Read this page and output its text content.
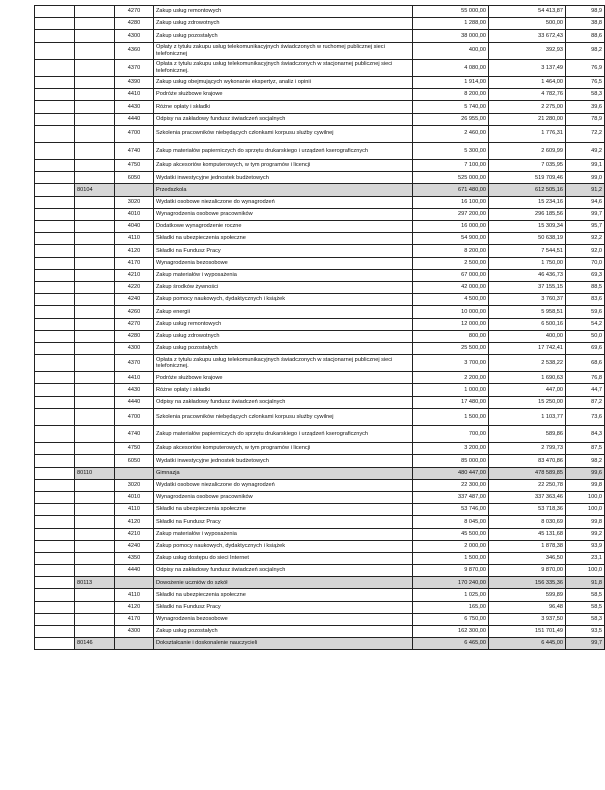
		4270	Zakup usług remontowych	55 000,00	54 413,87	98,9
		4280	Zakup usług zdrowotnych	1 288,00	500,00	38,8
		4300	Zakup usług pozostałych	38 000,00	33 672,43	88,6
		4360	Opłaty z tytułu zakupu usług telekomunikacyjnych świadczonych w ruchomej publicznej sieci telefonicznej	400,00	392,93	98,2
		4370	Opłata z tytułu zakupu usług telekomunikacyjnych świadczonych w stacjonarnej publicznej sieci telefonicznej.	4 080,00	3 137,49	76,9
		4390	Zakup usług obejmujących wykonanie ekspertyz, analiz i opinii	1 914,00	1 464,00	76,5
		4410	Podróże służbowe krajowe	8 200,00	4 782,76	58,3
		4430	Różne opłaty i składki	5 740,00	2 275,00	39,6
		4440	Odpisy na zakładowy fundusz świadczeń socjalnych	26 955,00	21 280,00	78,9
		4700	Szkolenia pracowników niebędących członkami korpusu służby cywilnej	2 460,00	1 776,31	72,2
		4740	Zakup materiałów papierniczych do sprzętu drukarskiego i urządzeń kserograficznych	5 300,00	2 609,99	49,2
		4750	Zakup akcesoriów komputerowych, w tym programów i licencji	7 100,00	7 035,95	99,1
		6050	Wydatki inwestycyjne jednostek budżetowych	525 000,00	519 709,46	99,0
	80104		Przedszkola	671 480,00	612 505,16	91,2
		3020	Wydatki osobowe niezaliczone do wynagrodzeń	16 100,00	15 234,16	94,6
		4010	Wynagrodzenia osobowe pracowników	297 200,00	296 185,56	99,7
		4040	Dodatkowe wynagrodzenie roczne	16 000,00	15 309,34	95,7
		4110	Składki na ubezpieczenia społeczne	54 900,00	50 638,19	92,2
		4120	Składki na Fundusz Pracy	8 200,00	7 544,51	92,0
		4170	Wynagrodzenia bezosobowe	2 500,00	1 750,00	70,0
		4210	Zakup materiałów i wyposażenia	67 000,00	46 436,73	69,3
		4220	Zakup środków żywności	42 000,00	37 155,15	88,5
		4240	Zakup pomocy naukowych, dydaktycznych i książek	4 500,00	3 760,37	83,6
		4260	Zakup energii	10 000,00	5 958,51	59,6
		4270	Zakup usług remontowych	12 000,00	6 500,16	54,2
		4280	Zakup usług zdrowotnych	800,00	400,00	50,0
		4300	Zakup usług pozostałych	25 500,00	17 742,41	69,6
		4370	Opłata z tytułu zakupu usług telekomunikacyjnych świadczonych w stacjonarnej publicznej sieci telefonicznej.	3 700,00	2 538,22	68,6
		4410	Podróże służbowe krajowe	2 200,00	1 690,63	76,8
		4430	Różne opłaty i składki	1 000,00	447,00	44,7
		4440	Odpisy na zakładowy fundusz świadczeń socjalnych	17 480,00	15 250,00	87,2
		4700	Szkolenia pracowników niebędących członkami korpusu służby cywilnej	1 500,00	1 103,77	73,6
		4740	Zakup materiałów papierniczych do sprzętu drukarskiego i urządzeń kserograficznych	700,00	589,86	84,3
		4750	Zakup akcesoriów komputerowych, w tym programów i licencji	3 200,00	2 799,73	87,5
		6050	Wydatki inwestycyjne jednostek budżetowych	85 000,00	83 470,86	98,2
	80110		Gimnazja	480 447,00	478 589,85	99,6
		3020	Wydatki osobowe niezaliczone do wynagrodzeń	22 300,00	22 250,78	99,8
		4010	Wynagrodzenia osobowe pracowników	337 487,00	337 363,46	100,0
		4110	Składki na ubezpieczenia społeczne	53 746,00	53 718,36	100,0
		4120	Składki na Fundusz Pracy	8 045,00	8 030,69	99,8
		4210	Zakup materiałów i wyposażenia	45 500,00	45 131,68	99,2
		4240	Zakup pomocy naukowych, dydaktycznych i książek	2 000,00	1 878,38	93,9
		4350	Zakup usług dostępu do sieci Internet	1 500,00	346,50	23,1
		4440	Odpisy na zakładowy fundusz świadczeń socjalnych	9 870,00	9 870,00	100,0
	80113		Dowożenie uczniów do szkół	170 240,00	156 335,36	91,8
		4110	Składki na ubezpieczenia społeczne	1 025,00	599,89	58,5
		4120	Składki na Fundusz Pracy	165,00	96,48	58,5
		4170	Wynagrodzenia bezosobowe	6 750,00	3 937,50	58,3
		4300	Zakup usług pozostałych	162 300,00	151 701,49	93,5
	80146		Dokształcanie i doskonalenie nauczycieli	6 465,00	6 445,00	99,7
